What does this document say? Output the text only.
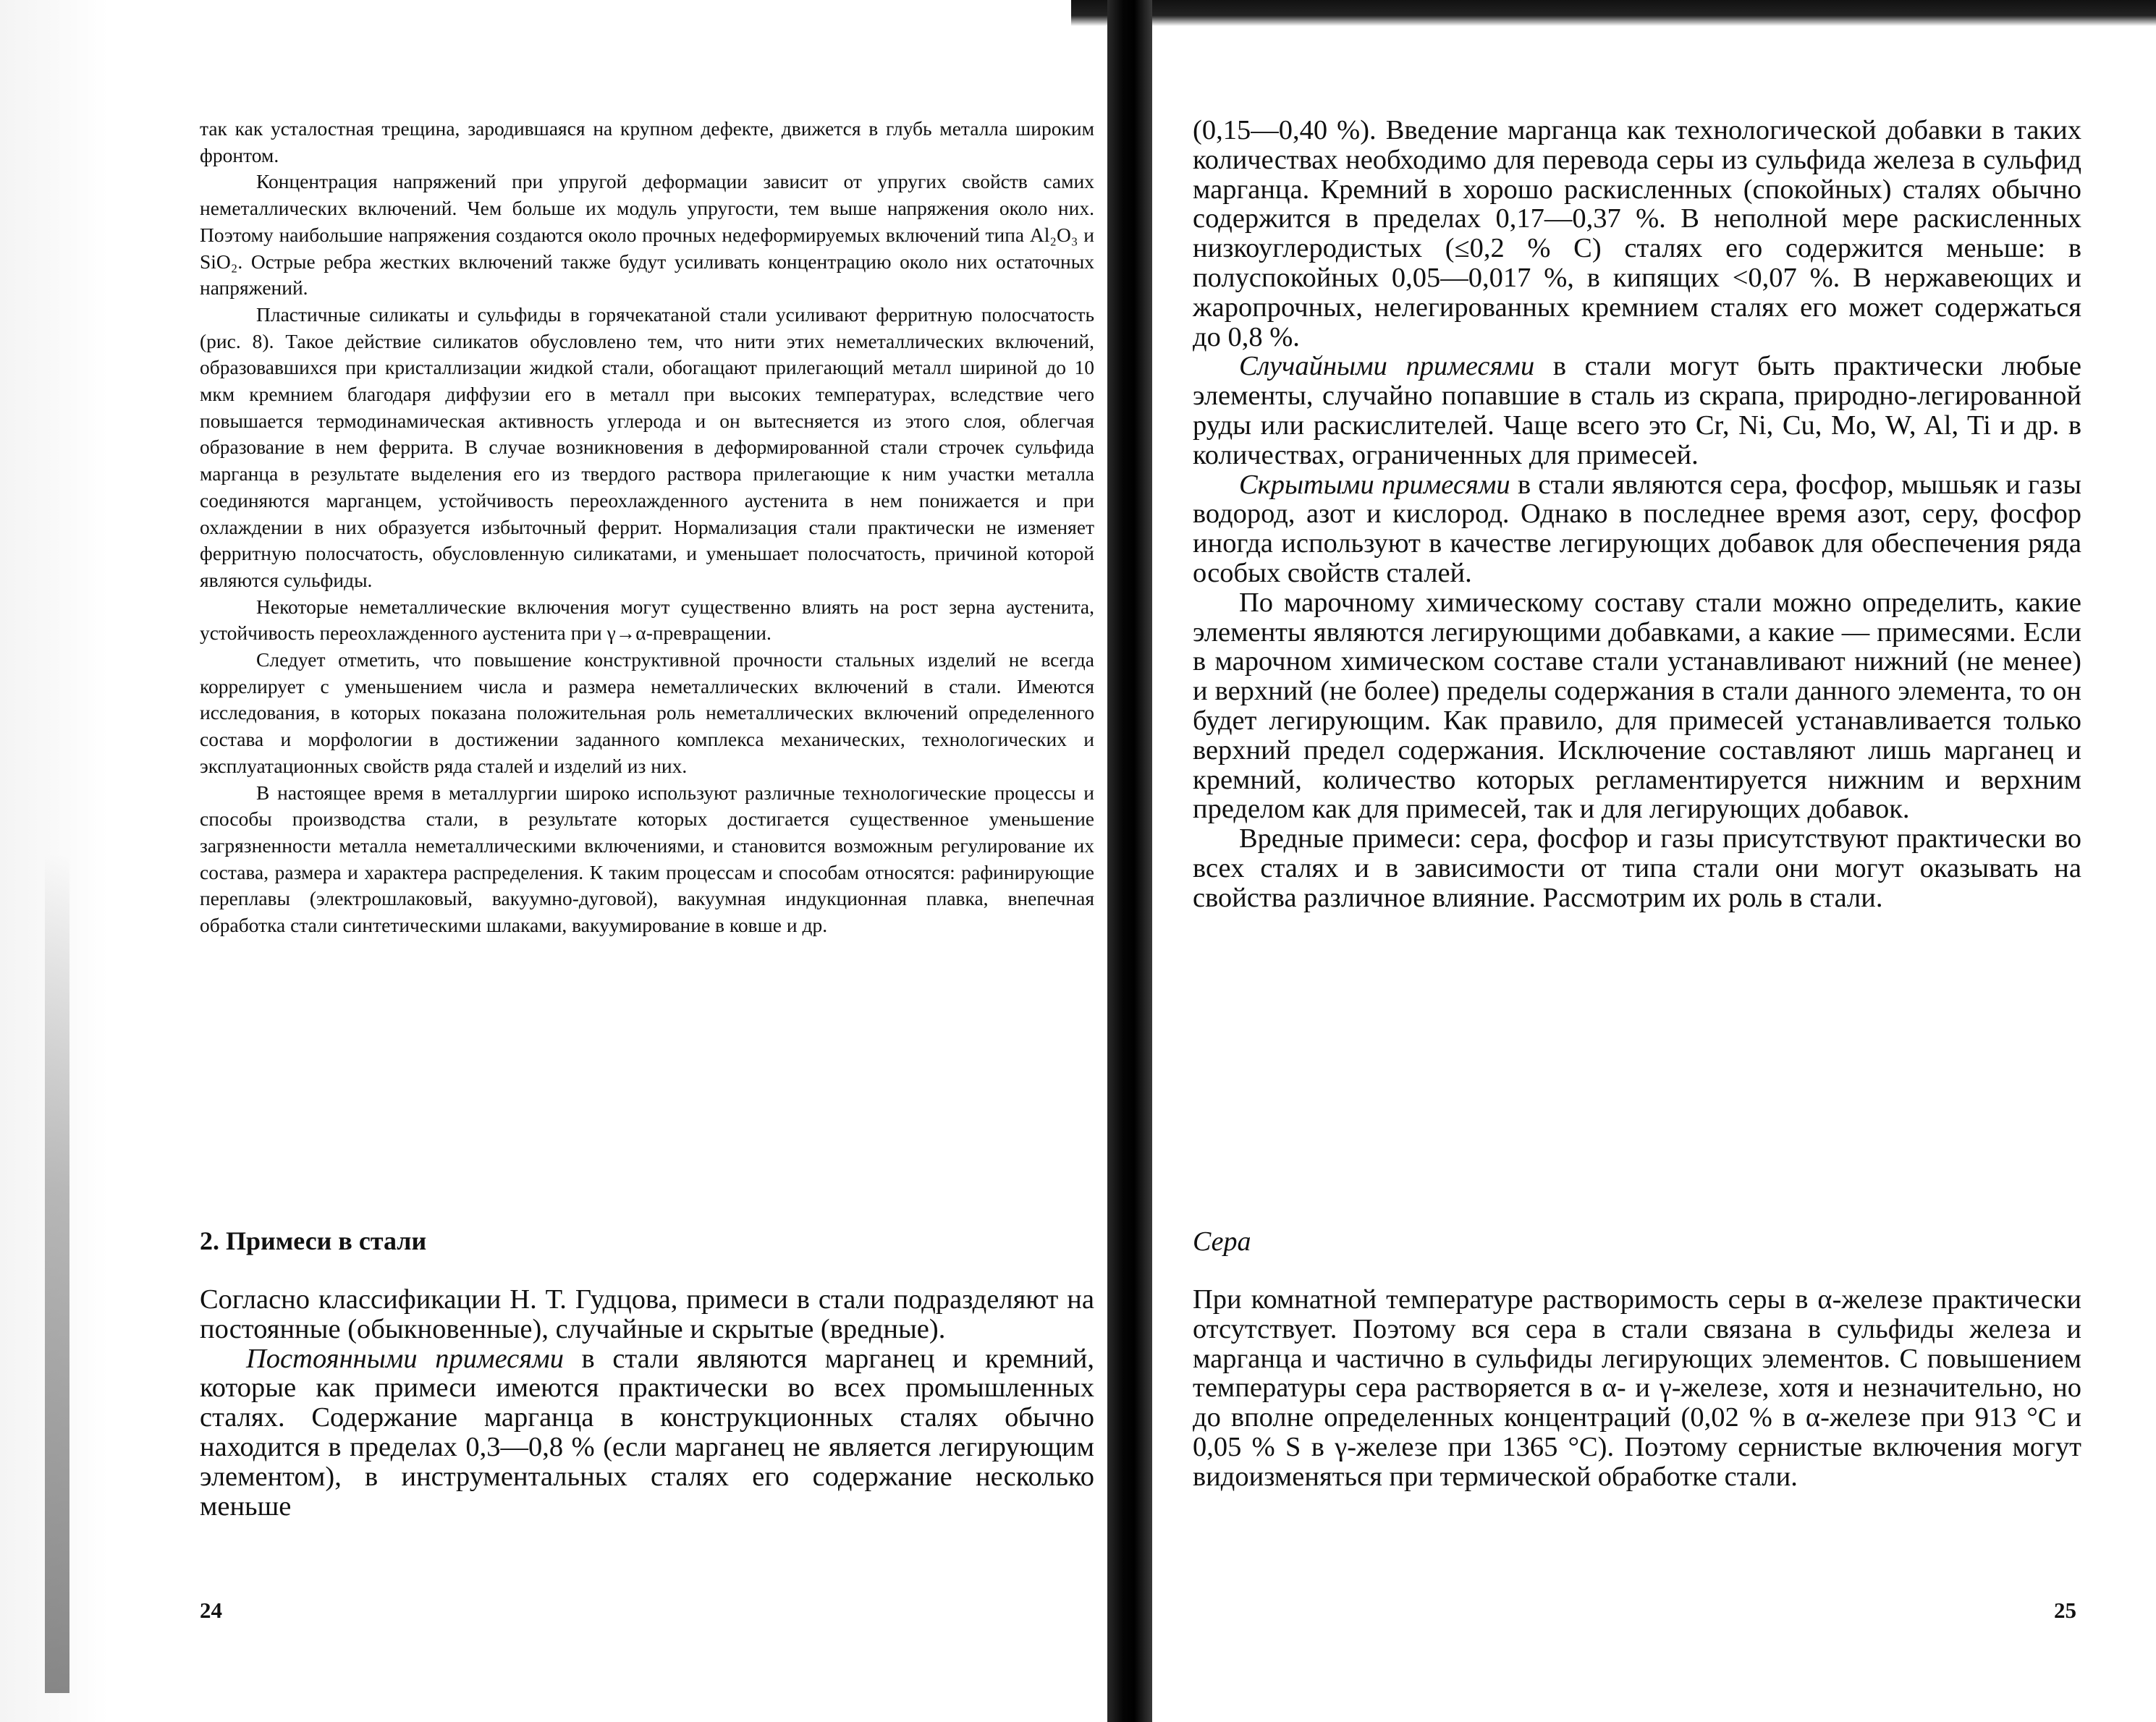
так как усталостная трещина, зародившаяся на крупном дефекте, движется в глубь металла широким фронтом.

Концентрация напряжений при упругой деформации зависит от упругих свойств самих неметаллических включений. Чем больше их модуль упругости, тем выше напряжения около них. Поэтому наибольшие напряжения создаются около прочных недеформируемых включений типа Al₂O₃ и SiO₂. Острые ребра жестких включений также будут усиливать концентрацию около них остаточных напряжений.

Пластичные силикаты и сульфиды в горячекатаной стали усиливают ферритную полосчатость (рис. 8). Такое действие силикатов обусловлено тем, что нити этих неметаллических включений, образовавшихся при кристаллизации жидкой стали, обогащают прилегающий металл шириной до 10 мкм кремнием благодаря диффузии его в металл при высоких температурах, вследствие чего повышается термодинамическая активность углерода и он вытесняется из этого слоя, облегчая образование в нем феррита. В случае возникновения в деформированной стали строчек сульфида марганца в результате выделения его из твердого раствора прилегающие к ним участки металла соединяются марганцем, устойчивость переохлажденного аустенита в нем понижается и при охлаждении в них образуется избыточный феррит. Нормализация стали практически не изменяет ферритную полосчатость, обусловленную силикатами, и уменьшает полосчатость, причиной которой являются сульфиды.

Некоторые неметаллические включения могут существенно влиять на рост зерна аустенита, устойчивость переохлажденного аустенита при γ→α-превращении.

Следует отметить, что повышение конструктивной прочности стальных изделий не всегда коррелирует с уменьшением числа и размера неметаллических включений в стали. Имеются исследования, в которых показана положительная роль неметаллических включений определенного состава и морфологии в достижении заданного комплекса механических, технологических и эксплуатационных свойств ряда сталей и изделий из них.

В настоящее время в металлургии широко используют различные технологические процессы и способы производства стали, в результате которых достигается существенное уменьшение загрязненности металла неметаллическими включениями, и становится возможным регулирование их состава, размера и характера распределения. К таким процессам и способам относятся: рафинирующие переплавы (электрошлаковый, вакуумно-дуговой), вакуумная индукционная плавка, внепечная обработка стали синтетическими шлаками, вакуумирование в ковше и др.

2. Примеси в стали

Согласно классификации Н. Т. Гудцова, примеси в стали подразделяют на постоянные (обыкновенные), случайные и скрытые (вредные).

Постоянными примесями в стали являются марганец и кремний, которые как примеси имеются практически во всех промышленных сталях. Содержание марганца в конструкционных сталях обычно находится в пределах 0,3—0,8 % (если марганец не является легирующим элементом), в инструментальных сталях его содержание несколько меньше

24

(0,15—0,40 %). Введение марганца как технологической добавки в таких количествах необходимо для перевода серы из сульфида железа в сульфид марганца. Кремний в хорошо раскисленных (спокойных) сталях обычно содержится в пределах 0,17—0,37 %. В неполной мере раскисленных низкоуглеродистых (≤0,2 % С) сталях его содержится меньше: в полуспокойных 0,05—0,017 %, в кипящих <0,07 %. В нержавеющих и жаропрочных, нелегированных кремнием сталях его может содержаться до 0,8 %.

Случайными примесями в стали могут быть практически любые элементы, случайно попавшие в сталь из скрапа, природно-легированной руды или раскислителей. Чаще всего это Cr, Ni, Cu, Mo, W, Al, Ti и др. в количествах, ограниченных для примесей.

Скрытыми примесями в стали являются сера, фосфор, мышьяк и газы водород, азот и кислород. Однако в последнее время азот, серу, фосфор иногда используют в качестве легирующих добавок для обеспечения ряда особых свойств сталей.

По марочному химическому составу стали можно определить, какие элементы являются легирующими добавками, а какие — примесями. Если в марочном химическом составе стали устанавливают нижний (не менее) и верхний (не более) пределы содержания в стали данного элемента, то он будет легирующим. Как правило, для примесей устанавливается только верхний предел содержания. Исключение составляют лишь марганец и кремний, количество которых регламентируется нижним и верхним пределом как для примесей, так и для легирующих добавок.

Вредные примеси: сера, фосфор и газы присутствуют практически во всех сталях и в зависимости от типа стали они могут оказывать на свойства различное влияние. Рассмотрим их роль в стали.

Сера

При комнатной температуре растворимость серы в α-железе практически отсутствует. Поэтому вся сера в стали связана в сульфиды железа и марганца и частично в сульфиды легирующих элементов. С повышением температуры сера растворяется в α- и γ-железе, хотя и незначительно, но до вполне определенных концентраций (0,02 % в α-железе при 913 °С и 0,05 % S в γ-железе при 1365 °С). Поэтому сернистые включения могут видоизменяться при термической обработке стали.

25
